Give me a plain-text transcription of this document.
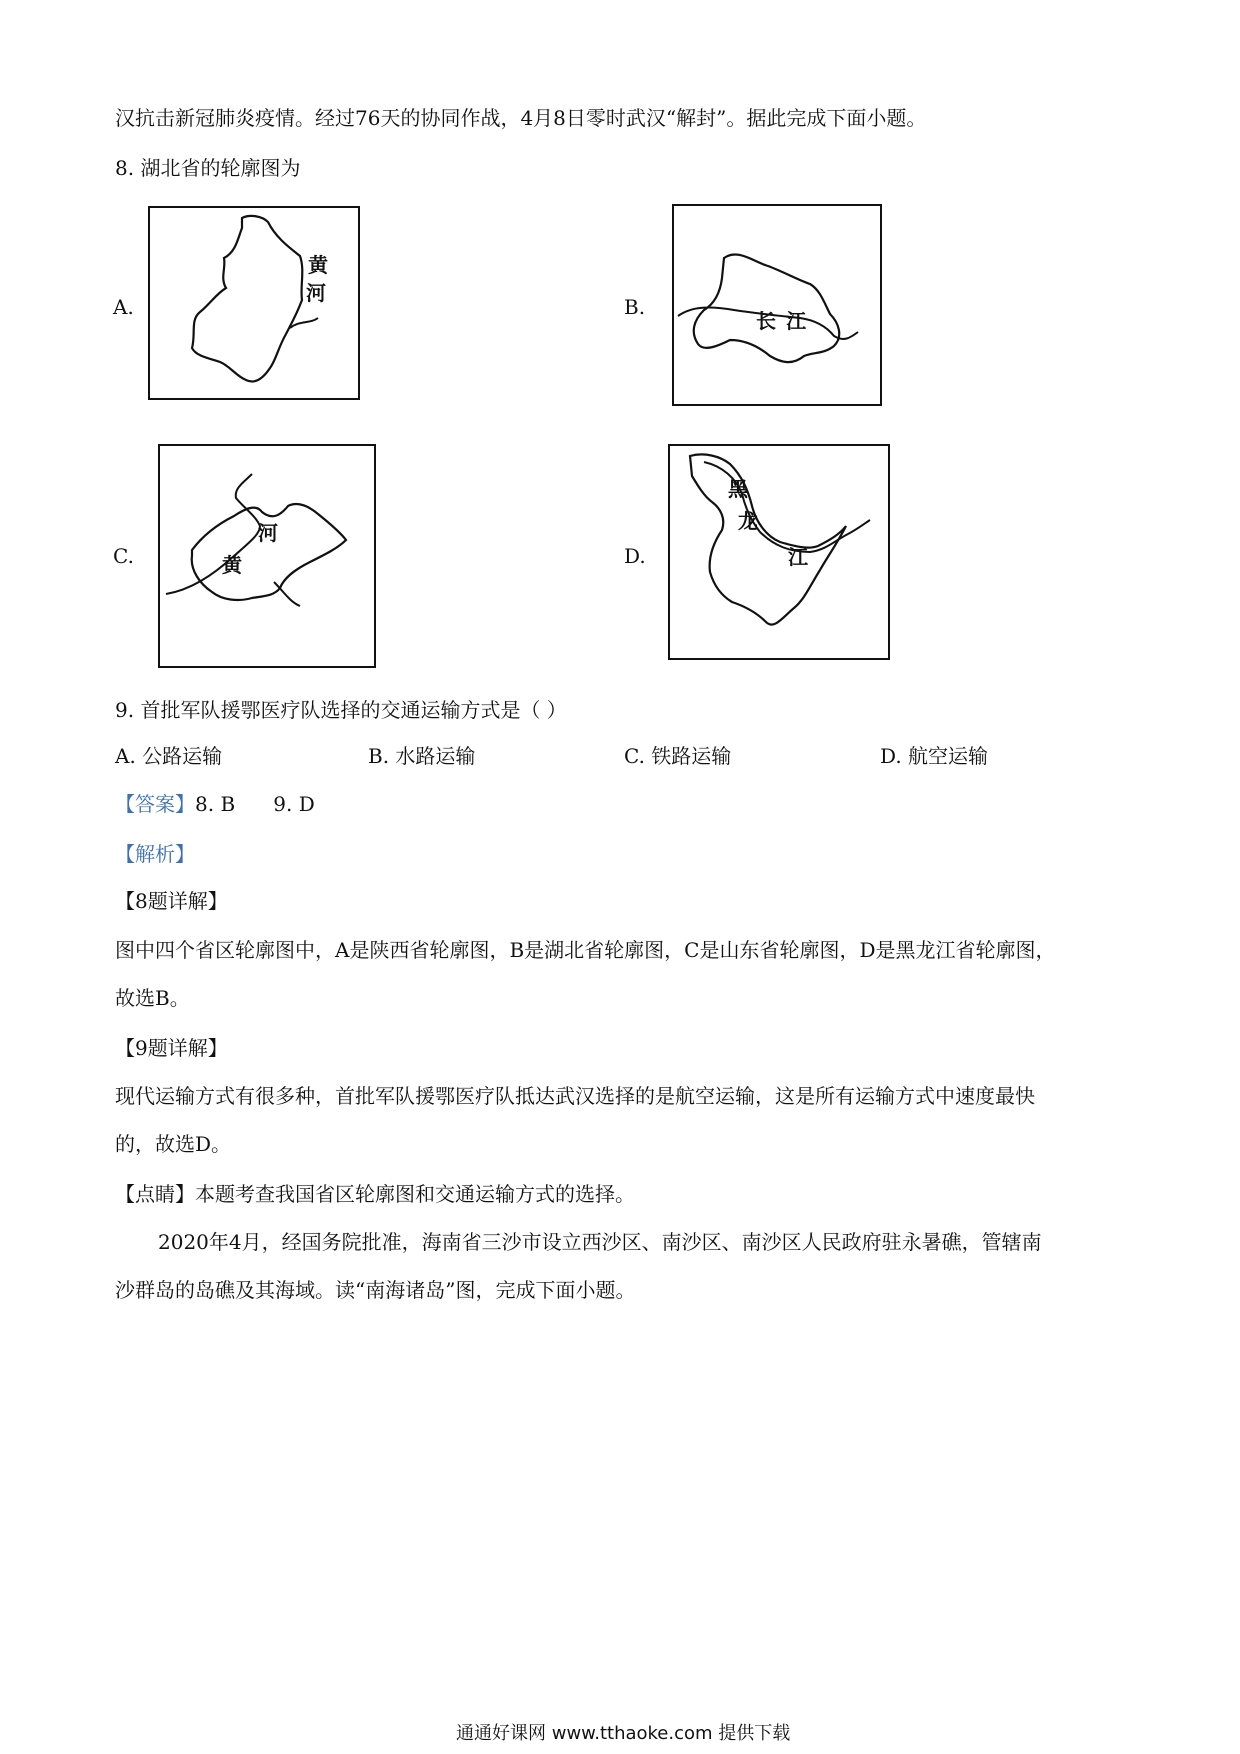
汉抗击新冠肺炎疫情。经过76天的协同作战，4月8日零时武汉“解封”。据此完成下面小题。
8. 湖北省的轮廓图为
A.
黄
河
B.
长 江
C.
河
黄	D.
黑
龙
江
9. 首批军队援鄂医疗队选择的交通运输方式是（ ）
A. 公路运输	B. 水路运输	C. 铁路运输	D. 航空运输
【答案】8. B      9. D
【解析】
【8题详解】
图中四个省区轮廓图中，A是陕西省轮廓图，B是湖北省轮廓图，C是山东省轮廓图，D是黑龙江省轮廓图，
故选B。
【9题详解】
现代运输方式有很多种，首批军队援鄂医疗队抵达武汉选择的是航空运输，这是所有运输方式中速度最快
的，故选D。
【点睛】本题考查我国省区轮廓图和交通运输方式的选择。
2020年4月，经国务院批准，海南省三沙市设立西沙区、南沙区、南沙区人民政府驻永暑礁，管辖南
沙群岛的岛礁及其海域。读“南海诸岛”图，完成下面小题。
通通好课网 www.tthaoke.com 提供下载
